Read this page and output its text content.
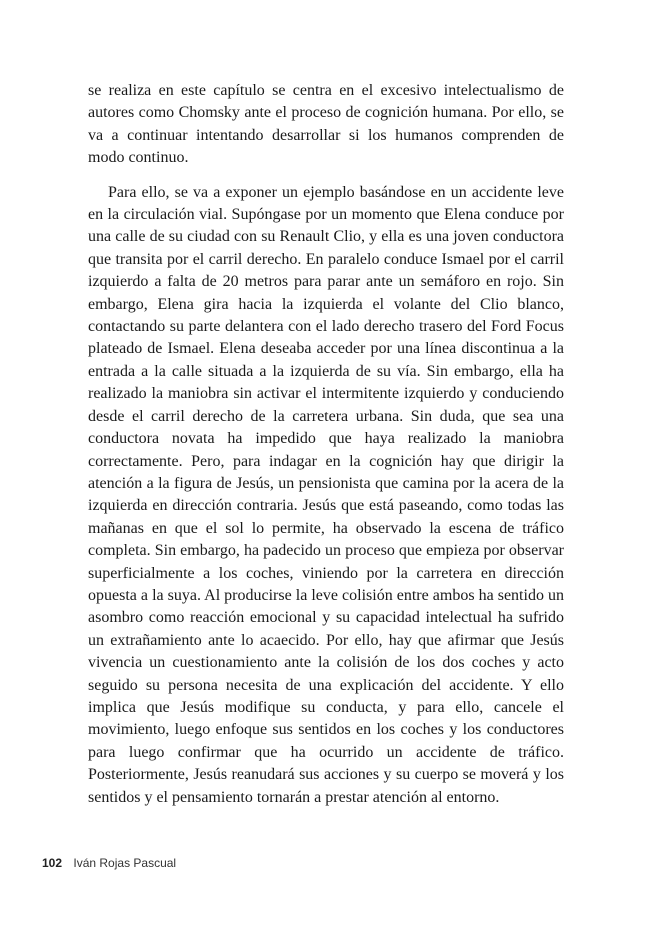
se realiza en este capítulo se centra en el excesivo intelectualismo de autores como Chomsky ante el proceso de cognición humana. Por ello, se va a continuar intentando desarrollar si los humanos comprenden de modo continuo.

Para ello, se va a exponer un ejemplo basándose en un accidente leve en la circulación vial. Supóngase por un momento que Elena conduce por una calle de su ciudad con su Renault Clio, y ella es una joven conductora que transita por el carril derecho. En paralelo conduce Ismael por el carril izquierdo a falta de 20 metros para parar ante un semáforo en rojo. Sin embargo, Elena gira hacia la izquierda el volante del Clio blanco, contactando su parte delantera con el lado derecho trasero del Ford Focus plateado de Ismael. Elena deseaba acceder por una línea discontinua a la entrada a la calle situada a la izquierda de su vía. Sin embargo, ella ha realizado la maniobra sin activar el intermitente izquierdo y conduciendo desde el carril derecho de la carretera urbana. Sin duda, que sea una conductora novata ha impedido que haya realizado la maniobra correctamente. Pero, para indagar en la cognición hay que dirigir la atención a la figura de Jesús, un pensionista que camina por la acera de la izquierda en dirección contraria. Jesús que está paseando, como todas las mañanas en que el sol lo permite, ha observado la escena de tráfico completa. Sin embargo, ha padecido un proceso que empieza por observar superficialmente a los coches, viniendo por la carretera en dirección opuesta a la suya. Al producirse la leve colisión entre ambos ha sentido un asombro como reacción emocional y su capacidad intelectual ha sufrido un extrañamiento ante lo acaecido. Por ello, hay que afirmar que Jesús vivencia un cuestionamiento ante la colisión de los dos coches y acto seguido su persona necesita de una explicación del accidente. Y ello implica que Jesús modifique su conducta, y para ello, cancele el movimiento, luego enfoque sus sentidos en los coches y los conductores para luego confirmar que ha ocurrido un accidente de tráfico. Posteriormente, Jesús reanudará sus acciones y su cuerpo se moverá y los sentidos y el pensamiento tornarán a prestar atención al entorno.

102 Iván Rojas Pascual
